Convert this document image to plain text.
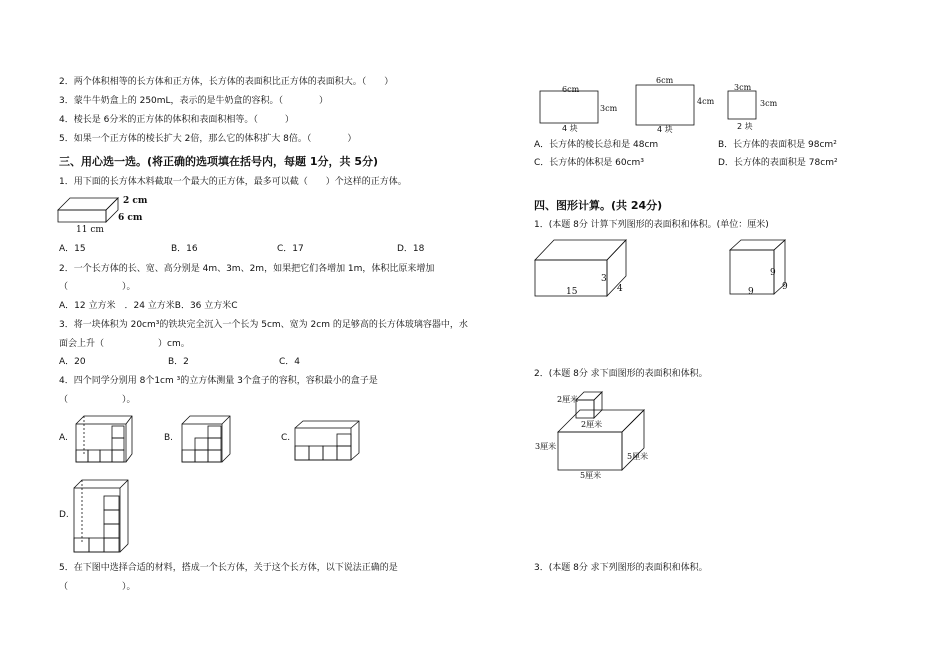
2．两个体积相等的长方体和正方体，长方体的表面积比正方体的表面积大。（　　）
3．蒙牛牛奶盒上的 250mL，表示的是牛奶盒的容积。（　　　　）
4．棱长是 6分米的正方体的体积和表面积相等。（　　　）
5．如果一个正方体的棱长扩大 2倍，那么它的体积扩大 8倍。（　　　　）
三、用心选一选。(将正确的选项填在括号内，每题 1分，共 5分)
1．用下面的长方体木料截取一个最大的正方体，最多可以截（　　）个这样的正方体。
2 cm
6 cm
11 cm
A．15	B．16	C．17	D．18
2．一个长方体的长、宽、高分别是 4m、3m、2m，如果把它们各增加 1m，体积比原来增加
（　　　　　　）。
A．12 立方米　．24 立方米B．36 立方米C
3．将一块体积为 20cm³的铁块完全沉入一个长为 5cm、宽为 2cm 的足够高的长方体玻璃容器中，水
面会上升（　　　　　　）cm。
A．20	B．2	C．4
4．四个同学分别用 8个1cm ³的立方体测量 3个盒子的容积，容积最小的盒子是
（　　　　　　）。
A.	B.	C.
D.
5．在下图中选择合适的材料，搭成一个长方体，关于这个长方体，以下说法正确的是
（　　　　　　）。
6cm
3cm
4 块
6cm
4cm
4 块
3cm
3cm
2 块
A．长方体的棱长总和是 48cm	B．长方体的表面积是 98cm²
C．长方体的体积是 60cm³	D．长方体的表面积是 78cm²
四、图形计算。(共 24分)
1．(本题 8分 计算下列图形的表面积和体积。(单位：厘米)
15
3
4	9
9
9
2．(本题 8分 求下面图形的表面积和体积。
2厘米
2厘米
3厘米
5厘米
5厘米
3．(本题 8分 求下列图形的表面积和体积。
